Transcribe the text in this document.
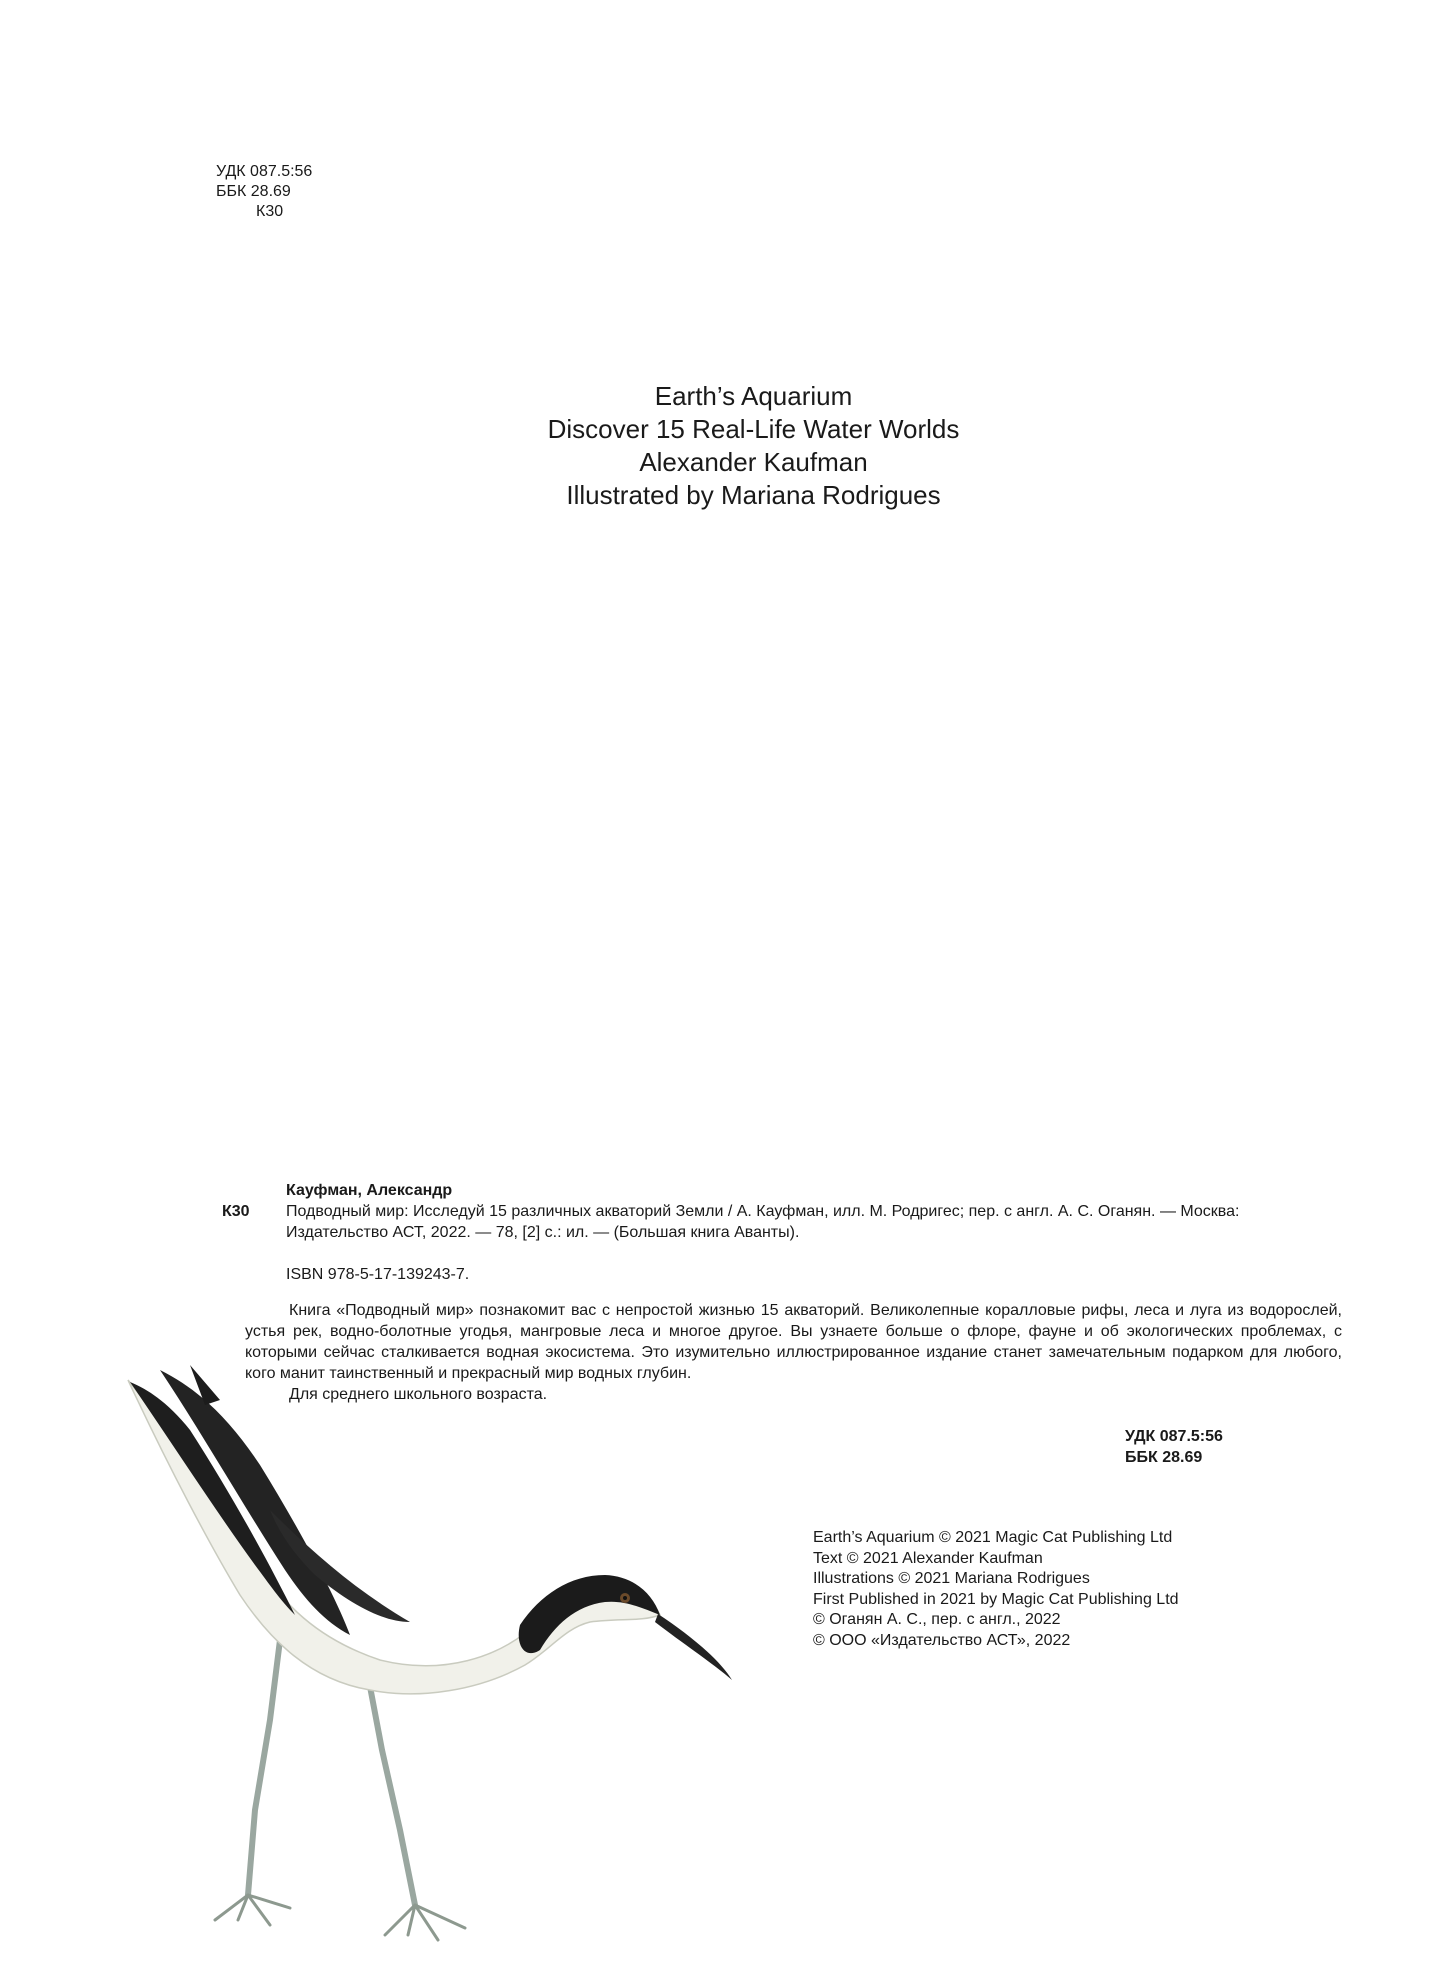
УДК 087.5:56
ББК 28.69
К30
Earth’s Aquarium
Discover 15 Real-Life Water Worlds
Alexander Kaufman
Illustrated by Mariana Rodrigues
Кауфман, Александр
К30 Подводный мир: Исследуй 15 различных акваторий Земли / А. Кауфман, илл. М. Родригес; пер. с англ. А. С. Оганян. — Москва: Издательство АСТ, 2022. — 78, [2] с.: ил. — (Большая книга Аванты).
ISBN 978-5-17-139243-7.

Книга «Подводный мир» познакомит вас с непростой жизнью 15 акваторий. Великолепные коралловые рифы, леса и луга из водорослей, устья рек, водно-болотные угодья, мангровые леса и многое другое. Вы узнаете больше о флоре, фауне и об экологических проблемах, с которыми сейчас сталкивается водная экосистема. Это изумительно иллюстрированное издание станет замечательным подарком для любого, кого манит таинственный и прекрасный мир водных глубин.

Для среднего школьного возраста.

УДК 087.5:56
ББК 28.69
Earth’s Aquarium © 2021 Magic Cat Publishing Ltd
Text © 2021 Alexander Kaufman
Illustrations © 2021 Mariana Rodrigues
First Published in 2021 by Magic Cat Publishing Ltd
© Оганян А. С., пер. с англ., 2022
© ООО «Издательство АСТ», 2022
